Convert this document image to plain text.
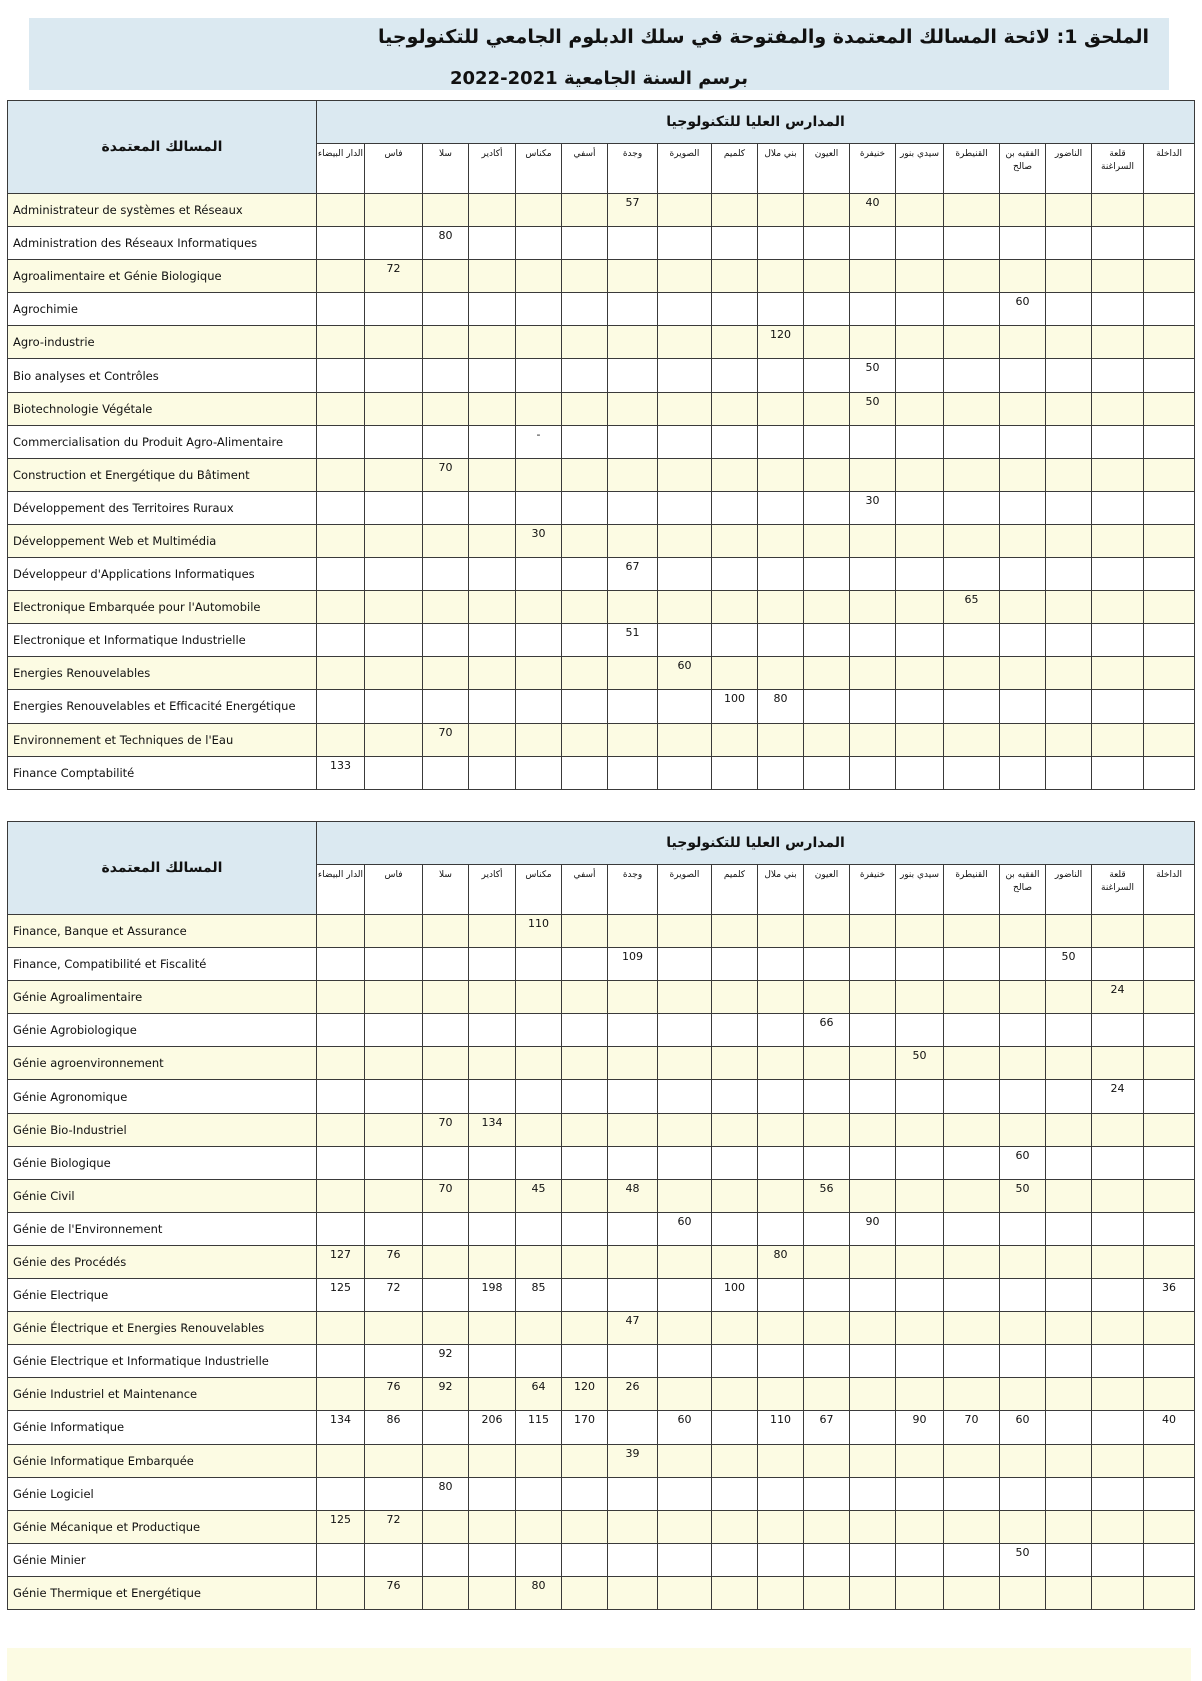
الملحق 1: لائحة المسالك المعتمدة والمفتوحة في سلك الدبلوم الجامعي للتكنولوجيا
برسم السنة الجامعية 2021-2022
المسالك المعتمدة	المدارس العليا للتكنولوجيا																	
	الدار البيضاء	فاس	سلا	أكادير	مكناس	أسفي	وجدة	الصويرة	كلميم	بني ملال	العيون	خنيفرة	سيدي بنور	القنيطرة	الفقيه بن صالح	الناضور	قلعة السراغنة	الداخلة
Administrateur de systèmes et Réseaux							57					40						
Administration des Réseaux Informatiques			80															
Agroalimentaire et Génie Biologique		72																
Agrochimie															60			
Agro-industrie										120								
Bio analyses et Contrôles												50						
Biotechnologie Végétale												50						
Commercialisation du Produit Agro-Alimentaire					-													
Construction et Energétique du Bâtiment			70															
Développement des Territoires Ruraux												30						
Développement Web et Multimédia					30													
Développeur d'Applications Informatiques							67											
Electronique Embarquée pour l'Automobile														65				
Electronique et Informatique Industrielle							51											
Energies Renouvelables								60										
Energies Renouvelables et Efficacité Energétique									100	80								
Environnement et Techniques de l'Eau			70															
Finance Comptabilité	133																	
المسالك المعتمدة	المدارس العليا للتكنولوجيا																	
	الدار البيضاء	فاس	سلا	أكادير	مكناس	أسفي	وجدة	الصويرة	كلميم	بني ملال	العيون	خنيفرة	سيدي بنور	القنيطرة	الفقيه بن صالح	الناضور	قلعة السراغنة	الداخلة
Finance, Banque et Assurance					110													
Finance, Compatibilité et Fiscalité							109									50		
Génie Agroalimentaire																	24	
Génie Agrobiologique											66							
Génie agroenvironnement													50					
Génie Agronomique																	24	
Génie Bio-Industriel			70	134														
Génie Biologique															60			
Génie Civil			70		45		48				56				50			
Génie de l'Environnement								60				90						
Génie des Procédés	127	76								80								
Génie Electrique	125	72		198	85				100									36
Génie Électrique et Energies Renouvelables							47											
Génie Electrique et Informatique Industrielle			92															
Génie Industriel et Maintenance		76	92		64	120	26											
Génie Informatique	134	86		206	115	170		60		110	67		90	70	60			40
Génie Informatique Embarquée							39											
Génie Logiciel			80															
Génie Mécanique et Productique	125	72																
Génie Minier															50			
Génie Thermique et Energétique		76			80													
